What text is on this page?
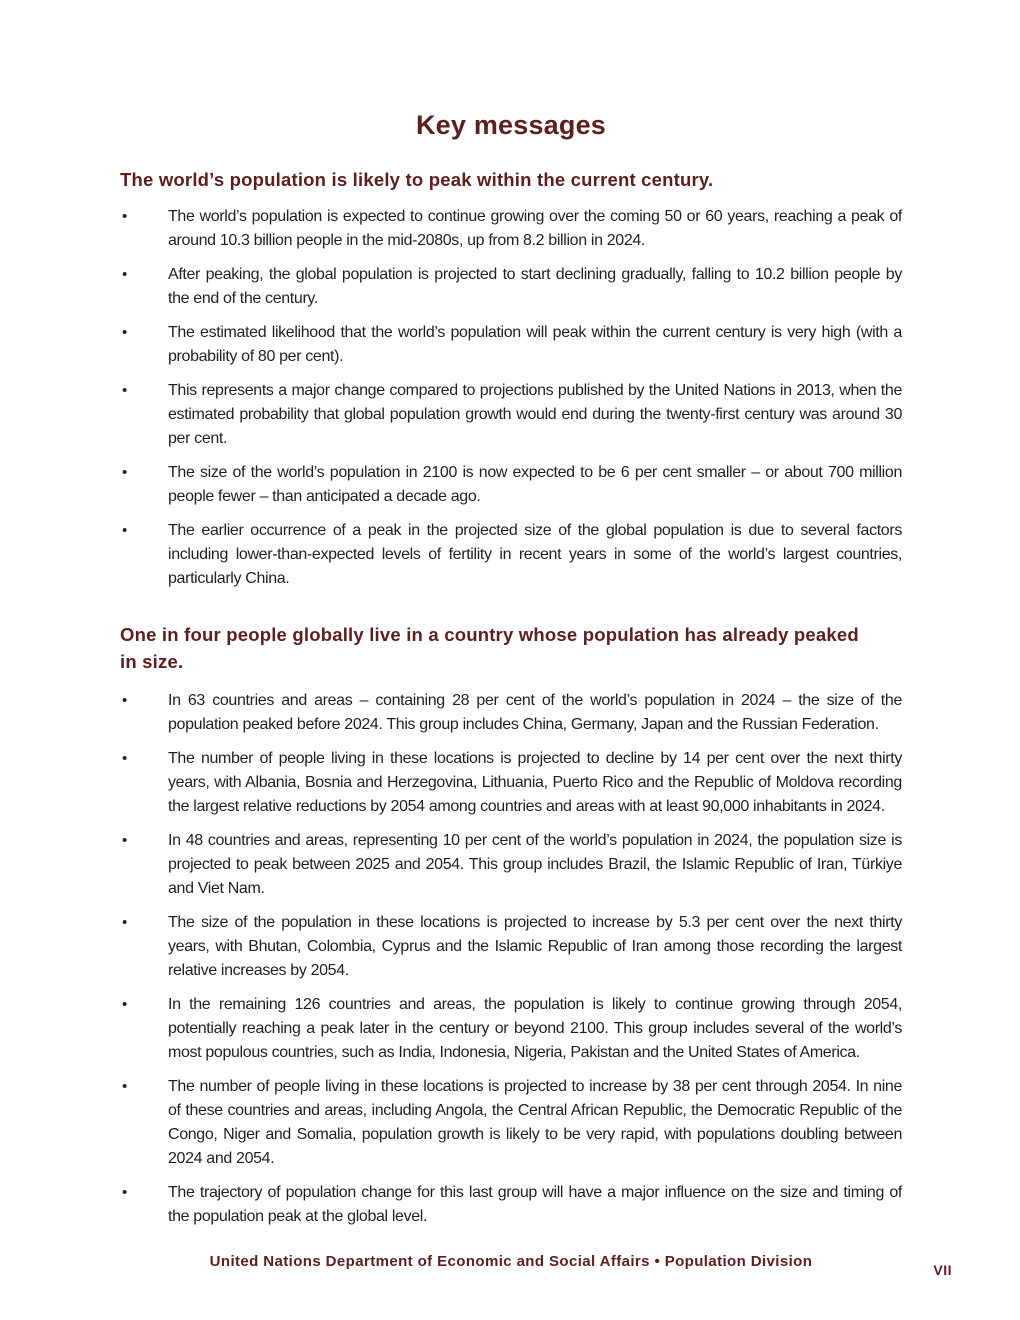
Key messages
The world’s population is likely to peak within the current century.
•	The world’s population is expected to continue growing over the coming 50 or 60 years, reaching a peak of around 10.3 billion people in the mid-2080s, up from 8.2 billion in 2024.

•	After peaking, the global population is projected to start declining gradually, falling to 10.2 billion people by the end of the century.

•	The estimated likelihood that the world’s population will peak within the current century is very high (with a probability of 80 per cent).

•	This represents a major change compared to projections published by the United Nations in 2013, when the estimated probability that global population growth would end during the twenty-first century was around 30 per cent.

•	The size of the world’s population in 2100 is now expected to be 6 per cent smaller – or about 700 million people fewer – than anticipated a decade ago.

•	The earlier occurrence of a peak in the projected size of the global population is due to several factors including lower-than-expected levels of fertility in recent years in some of the world’s largest countries, particularly China.

One in four people globally live in a country whose population has already peaked in size.
•	In 63 countries and areas – containing 28 per cent of the world’s population in 2024 – the size of the population peaked before 2024. This group includes China, Germany, Japan and the Russian Federation.

•	The number of people living in these locations is projected to decline by 14 per cent over the next thirty years, with Albania, Bosnia and Herzegovina, Lithuania, Puerto Rico and the Republic of Moldova recording the largest relative reductions by 2054 among countries and areas with at least 90,000 inhabitants in 2024.

•	In 48 countries and areas, representing 10 per cent of the world’s population in 2024, the population size is projected to peak between 2025 and 2054. This group includes Brazil, the Islamic Republic of Iran, Türkiye and Viet Nam.

•	The size of the population in these locations is projected to increase by 5.3 per cent over the next thirty years, with Bhutan, Colombia, Cyprus and the Islamic Republic of Iran among those recording the largest relative increases by 2054.

•	In the remaining 126 countries and areas, the population is likely to continue growing through 2054, potentially reaching a peak later in the century or beyond 2100. This group includes several of the world’s most populous countries, such as India, Indonesia, Nigeria, Pakistan and the United States of America.

•	The number of people living in these locations is projected to increase by 38 per cent through 2054. In nine of these countries and areas, including Angola, the Central African Republic, the Democratic Republic of the Congo, Niger and Somalia, population growth is likely to be very rapid, with populations doubling between 2024 and 2054.

•	The trajectory of population change for this last group will have a major influence on the size and timing of the population peak at the global level.

United Nations Department of Economic and Social Affairs • Population Division	VII
